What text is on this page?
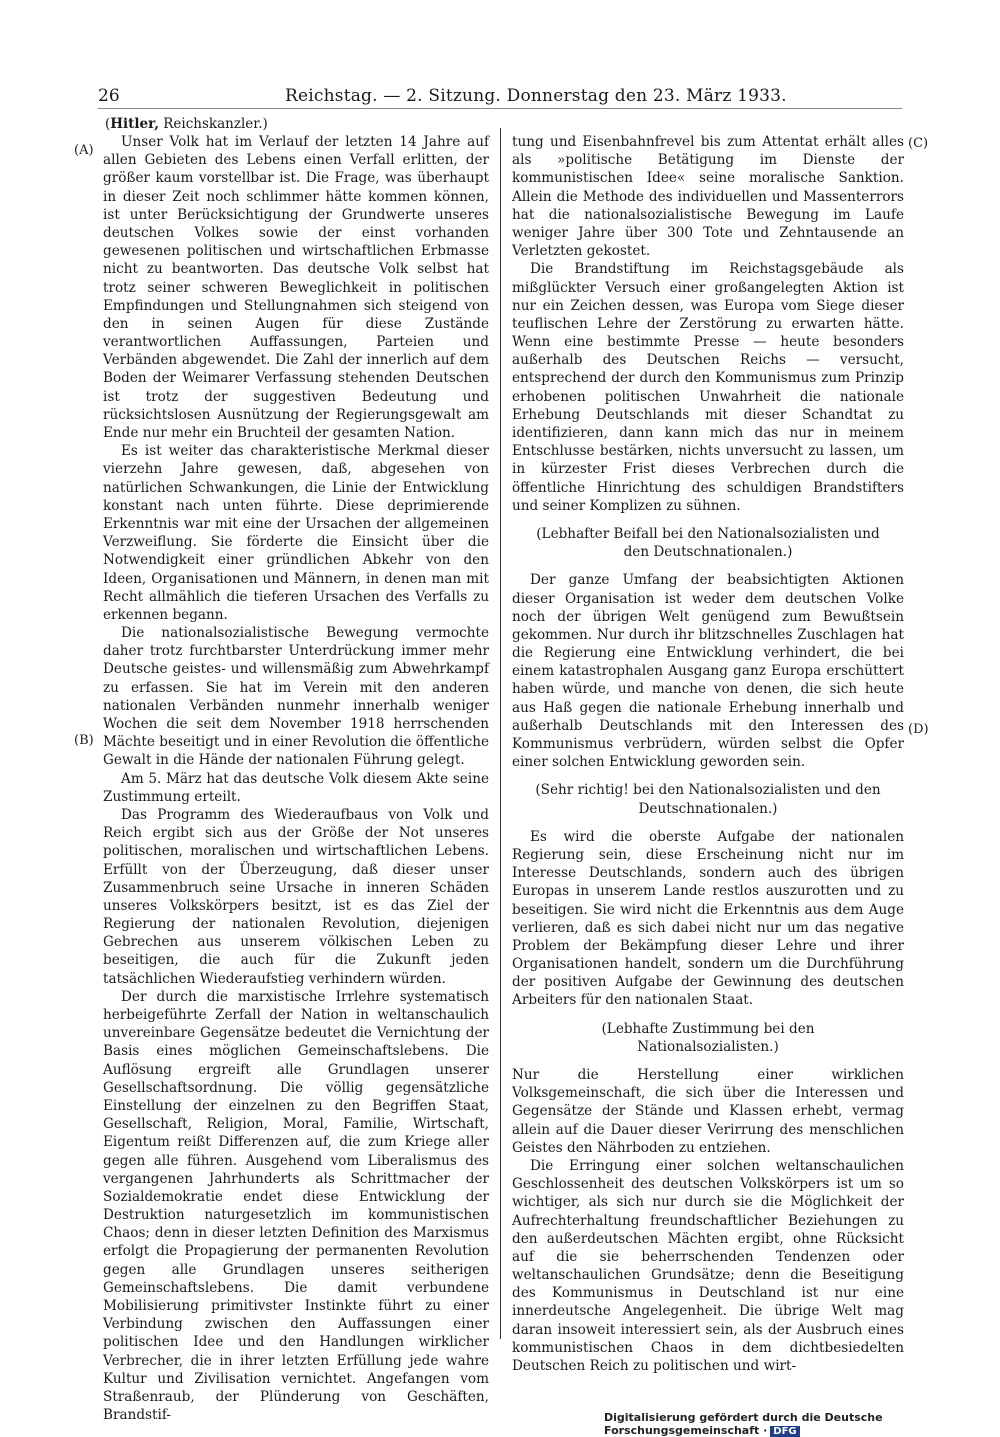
26	Reichstag. — 2. Sitzung. Donnerstag den 23. März 1933.
(Hitler, Reichskanzler.)
(A)
(B)
(C)
(D)

Unser Volk hat im Verlauf der letzten 14 Jahre auf allen Gebieten des Lebens einen Verfall erlitten, der größer kaum vorstellbar ist. Die Frage, was überhaupt in dieser Zeit noch schlimmer hätte kommen können, ist unter Berücksichtigung der Grundwerte unseres deutschen Volkes sowie der einst vorhanden gewesenen politischen und wirtschaftlichen Erbmasse nicht zu beantworten. Das deutsche Volk selbst hat trotz seiner schweren Beweglichkeit in politischen Empfindungen und Stellungnahmen sich steigend von den in seinen Augen für diese Zustände verantwortlichen Auffassungen, Parteien und Verbänden abgewendet. Die Zahl der innerlich auf dem Boden der Weimarer Verfassung stehenden Deutschen ist trotz der suggestiven Bedeutung und rücksichtslosen Ausnützung der Regierungsgewalt am Ende nur mehr ein Bruchteil der gesamten Nation.

Es ist weiter das charakteristische Merkmal dieser vierzehn Jahre gewesen, daß, abgesehen von natürlichen Schwankungen, die Linie der Entwicklung konstant nach unten führte. Diese deprimierende Erkenntnis war mit eine der Ursachen der allgemeinen Verzweiflung. Sie förderte die Einsicht über die Notwendigkeit einer gründlichen Abkehr von den Ideen, Organisationen und Männern, in denen man mit Recht allmählich die tieferen Ursachen des Verfalls zu erkennen begann.

Die nationalsozialistische Bewegung vermochte daher trotz furchtbarster Unterdrückung immer mehr Deutsche geistes- und willensmäßig zum Abwehrkampf zu erfassen. Sie hat im Verein mit den anderen nationalen Verbänden nunmehr innerhalb weniger Wochen die seit dem November 1918 herrschenden Mächte beseitigt und in einer Revolution die öffentliche Gewalt in die Hände der nationalen Führung gelegt.

Am 5. März hat das deutsche Volk diesem Akte seine Zustimmung erteilt.

Das Programm des Wiederaufbaus von Volk und Reich ergibt sich aus der Größe der Not unseres politischen, moralischen und wirtschaftlichen Lebens. Erfüllt von der Überzeugung, daß dieser unser Zusammenbruch seine Ursache in inneren Schäden unseres Volkskörpers besitzt, ist es das Ziel der Regierung der nationalen Revolution, diejenigen Gebrechen aus unserem völkischen Leben zu beseitigen, die auch für die Zukunft jeden tatsächlichen Wiederaufstieg verhindern würden.

Der durch die marxistische Irrlehre systematisch herbeigeführte Zerfall der Nation in weltanschaulich unvereinbare Gegensätze bedeutet die Vernichtung der Basis eines möglichen Gemeinschaftslebens. Die Auflösung ergreift alle Grundlagen unserer Gesellschaftsordnung. Die völlig gegensätzliche Einstellung der einzelnen zu den Begriffen Staat, Gesellschaft, Religion, Moral, Familie, Wirtschaft, Eigentum reißt Differenzen auf, die zum Kriege aller gegen alle führen. Ausgehend vom Liberalismus des vergangenen Jahrhunderts als Schrittmacher der Sozialdemokratie endet diese Entwicklung der Destruktion naturgesetzlich im kommunistischen Chaos; denn in dieser letzten Definition des Marxismus erfolgt die Propagierung der permanenten Revolution gegen alle Grundlagen unseres seitherigen Gemeinschaftslebens. Die damit verbundene Mobilisierung primitivster Instinkte führt zu einer Verbindung zwischen den Auffassungen einer politischen Idee und den Handlungen wirklicher Verbrecher, die in ihrer letzten Erfüllung jede wahre Kultur und Zivilisation vernichtet. Angefangen vom Straßenraub, der Plünderung von Geschäften, Brandstif-

tung und Eisenbahnfrevel bis zum Attentat erhält alles als »politische Betätigung im Dienste der kommunistischen Idee« seine moralische Sanktion. Allein die Methode des individuellen und Massenterrors hat die nationalsozialistische Bewegung im Laufe weniger Jahre über 300 Tote und Zehntausende an Verletzten gekostet.

Die Brandstiftung im Reichstagsgebäude als mißglückter Versuch einer großangelegten Aktion ist nur ein Zeichen dessen, was Europa vom Siege dieser teuflischen Lehre der Zerstörung zu erwarten hätte. Wenn eine bestimmte Presse — heute besonders außerhalb des Deutschen Reichs — versucht, entsprechend der durch den Kommunismus zum Prinzip erhobenen politischen Unwahrheit die nationale Erhebung Deutschlands mit dieser Schandtat zu identifizieren, dann kann mich das nur in meinem Entschlusse bestärken, nichts unversucht zu lassen, um in kürzester Frist dieses Verbrechen durch die öffentliche Hinrichtung des schuldigen Brandstifters und seiner Komplizen zu sühnen.

(Lebhafter Beifall bei den Nationalsozialisten und den Deutschnationalen.)

Der ganze Umfang der beabsichtigten Aktionen dieser Organisation ist weder dem deutschen Volke noch der übrigen Welt genügend zum Bewußtsein gekommen. Nur durch ihr blitzschnelles Zuschlagen hat die Regierung eine Entwicklung verhindert, die bei einem katastrophalen Ausgang ganz Europa erschüttert haben würde, und manche von denen, die sich heute aus Haß gegen die nationale Erhebung innerhalb und außerhalb Deutschlands mit den Interessen des Kommunismus verbrüdern, würden selbst die Opfer einer solchen Entwicklung geworden sein.

(Sehr richtig! bei den Nationalsozialisten und den Deutschnationalen.)

Es wird die oberste Aufgabe der nationalen Regierung sein, diese Erscheinung nicht nur im Interesse Deutschlands, sondern auch des übrigen Europas in unserem Lande restlos auszurotten und zu beseitigen. Sie wird nicht die Erkenntnis aus dem Auge verlieren, daß es sich dabei nicht nur um das negative Problem der Bekämpfung dieser Lehre und ihrer Organisationen handelt, sondern um die Durchführung der positiven Aufgabe der Gewinnung des deutschen Arbeiters für den nationalen Staat.

(Lebhafte Zustimmung bei den Nationalsozialisten.)

Nur die Herstellung einer wirklichen Volksgemeinschaft, die sich über die Interessen und Gegensätze der Stände und Klassen erhebt, vermag allein auf die Dauer dieser Verirrung des menschlichen Geistes den Nährboden zu entziehen.

Die Erringung einer solchen weltanschaulichen Geschlossenheit des deutschen Volkskörpers ist um so wichtiger, als sich nur durch sie die Möglichkeit der Aufrechterhaltung freundschaftlicher Beziehungen zu den außerdeutschen Mächten ergibt, ohne Rücksicht auf die sie beherrschenden Tendenzen oder weltanschaulichen Grundsätze; denn die Beseitigung des Kommunismus in Deutschland ist nur eine innerdeutsche Angelegenheit. Die übrige Welt mag daran insoweit interessiert sein, als der Ausbruch eines kommunistischen Chaos in dem dichtbesiedelten Deutschen Reich zu politischen und wirt-

Digitalisierung gefördert durch die Deutsche Forschungsgemeinschaft · DFG
